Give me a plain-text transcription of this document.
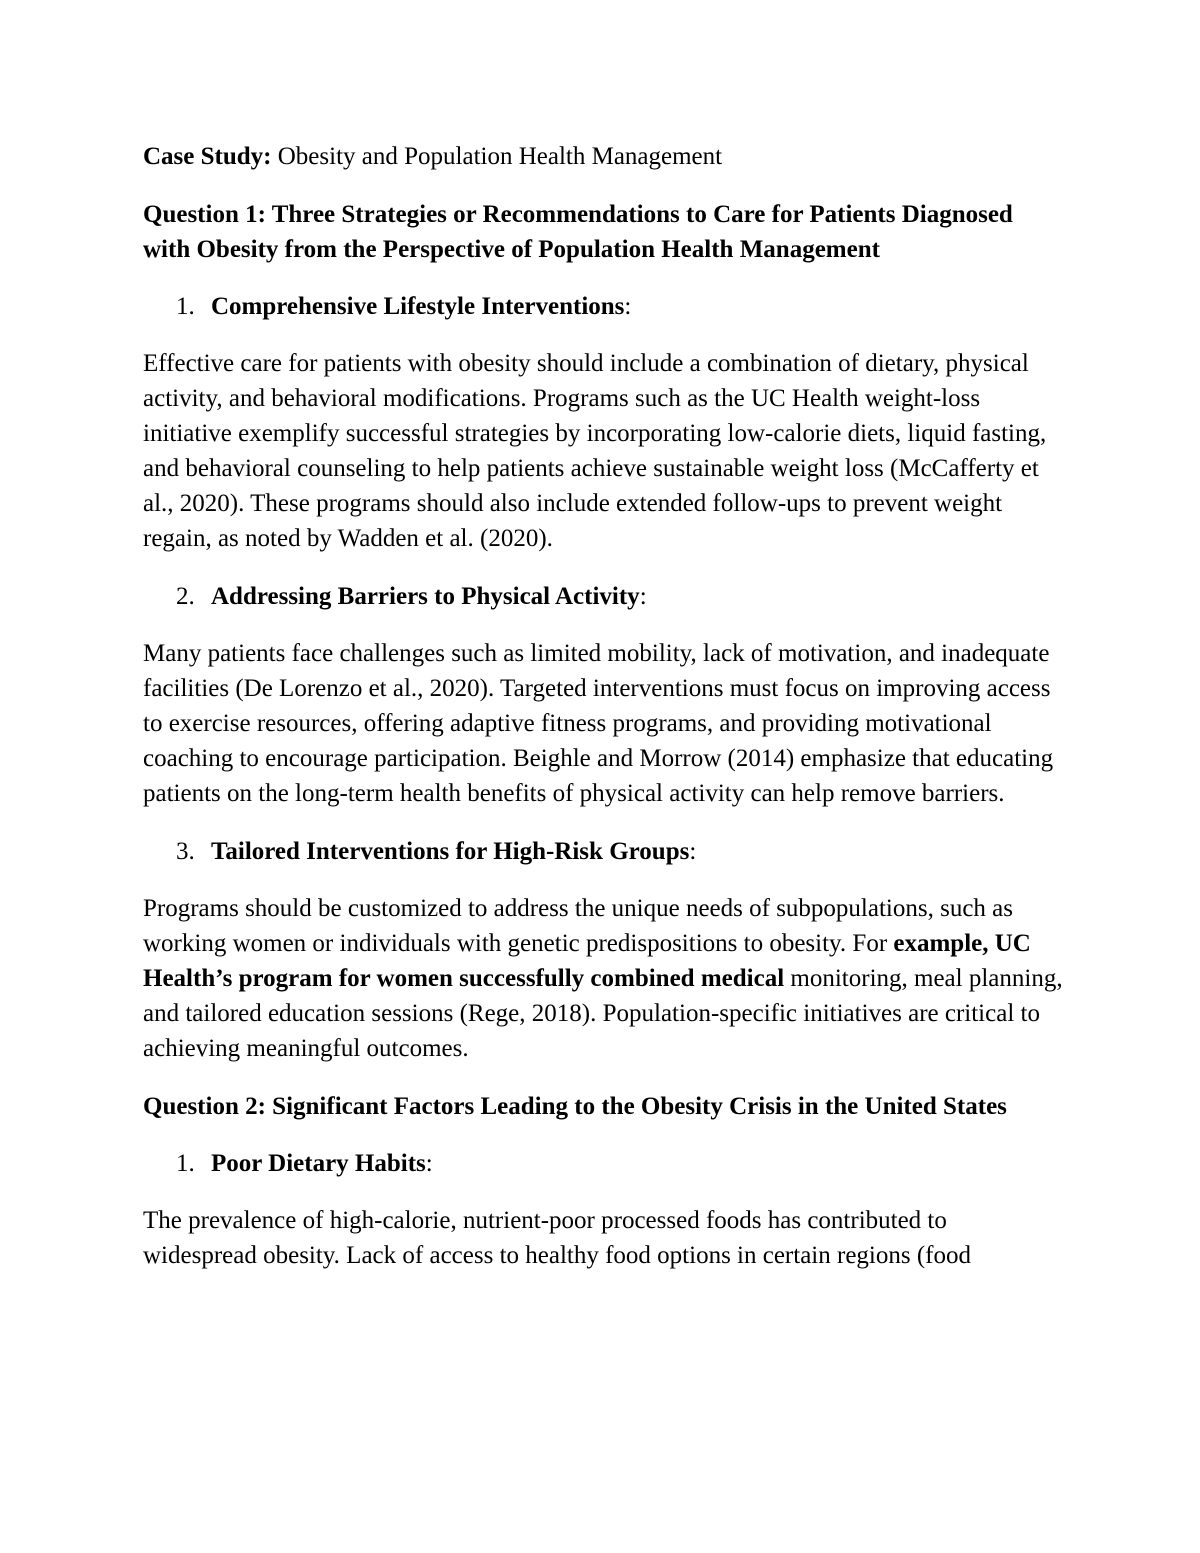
Case Study: Obesity and Population Health Management

Question 1: Three Strategies or Recommendations to Care for Patients Diagnosed with Obesity from the Perspective of Population Health Management

1. Comprehensive Lifestyle Interventions:

Effective care for patients with obesity should include a combination of dietary, physical activity, and behavioral modifications. Programs such as the UC Health weight-loss initiative exemplify successful strategies by incorporating low-calorie diets, liquid fasting, and behavioral counseling to help patients achieve sustainable weight loss (McCafferty et al., 2020). These programs should also include extended follow-ups to prevent weight regain, as noted by Wadden et al. (2020).

2. Addressing Barriers to Physical Activity:

Many patients face challenges such as limited mobility, lack of motivation, and inadequate facilities (De Lorenzo et al., 2020). Targeted interventions must focus on improving access to exercise resources, offering adaptive fitness programs, and providing motivational coaching to encourage participation. Beighle and Morrow (2014) emphasize that educating patients on the long-term health benefits of physical activity can help remove barriers.

3. Tailored Interventions for High-Risk Groups:

Programs should be customized to address the unique needs of subpopulations, such as working women or individuals with genetic predispositions to obesity. For example, UC Health’s program for women successfully combined medical monitoring, meal planning, and tailored education sessions (Rege, 2018). Population-specific initiatives are critical to achieving meaningful outcomes.

Question 2: Significant Factors Leading to the Obesity Crisis in the United States

1. Poor Dietary Habits:

The prevalence of high-calorie, nutrient-poor processed foods has contributed to widespread obesity. Lack of access to healthy food options in certain regions (food
